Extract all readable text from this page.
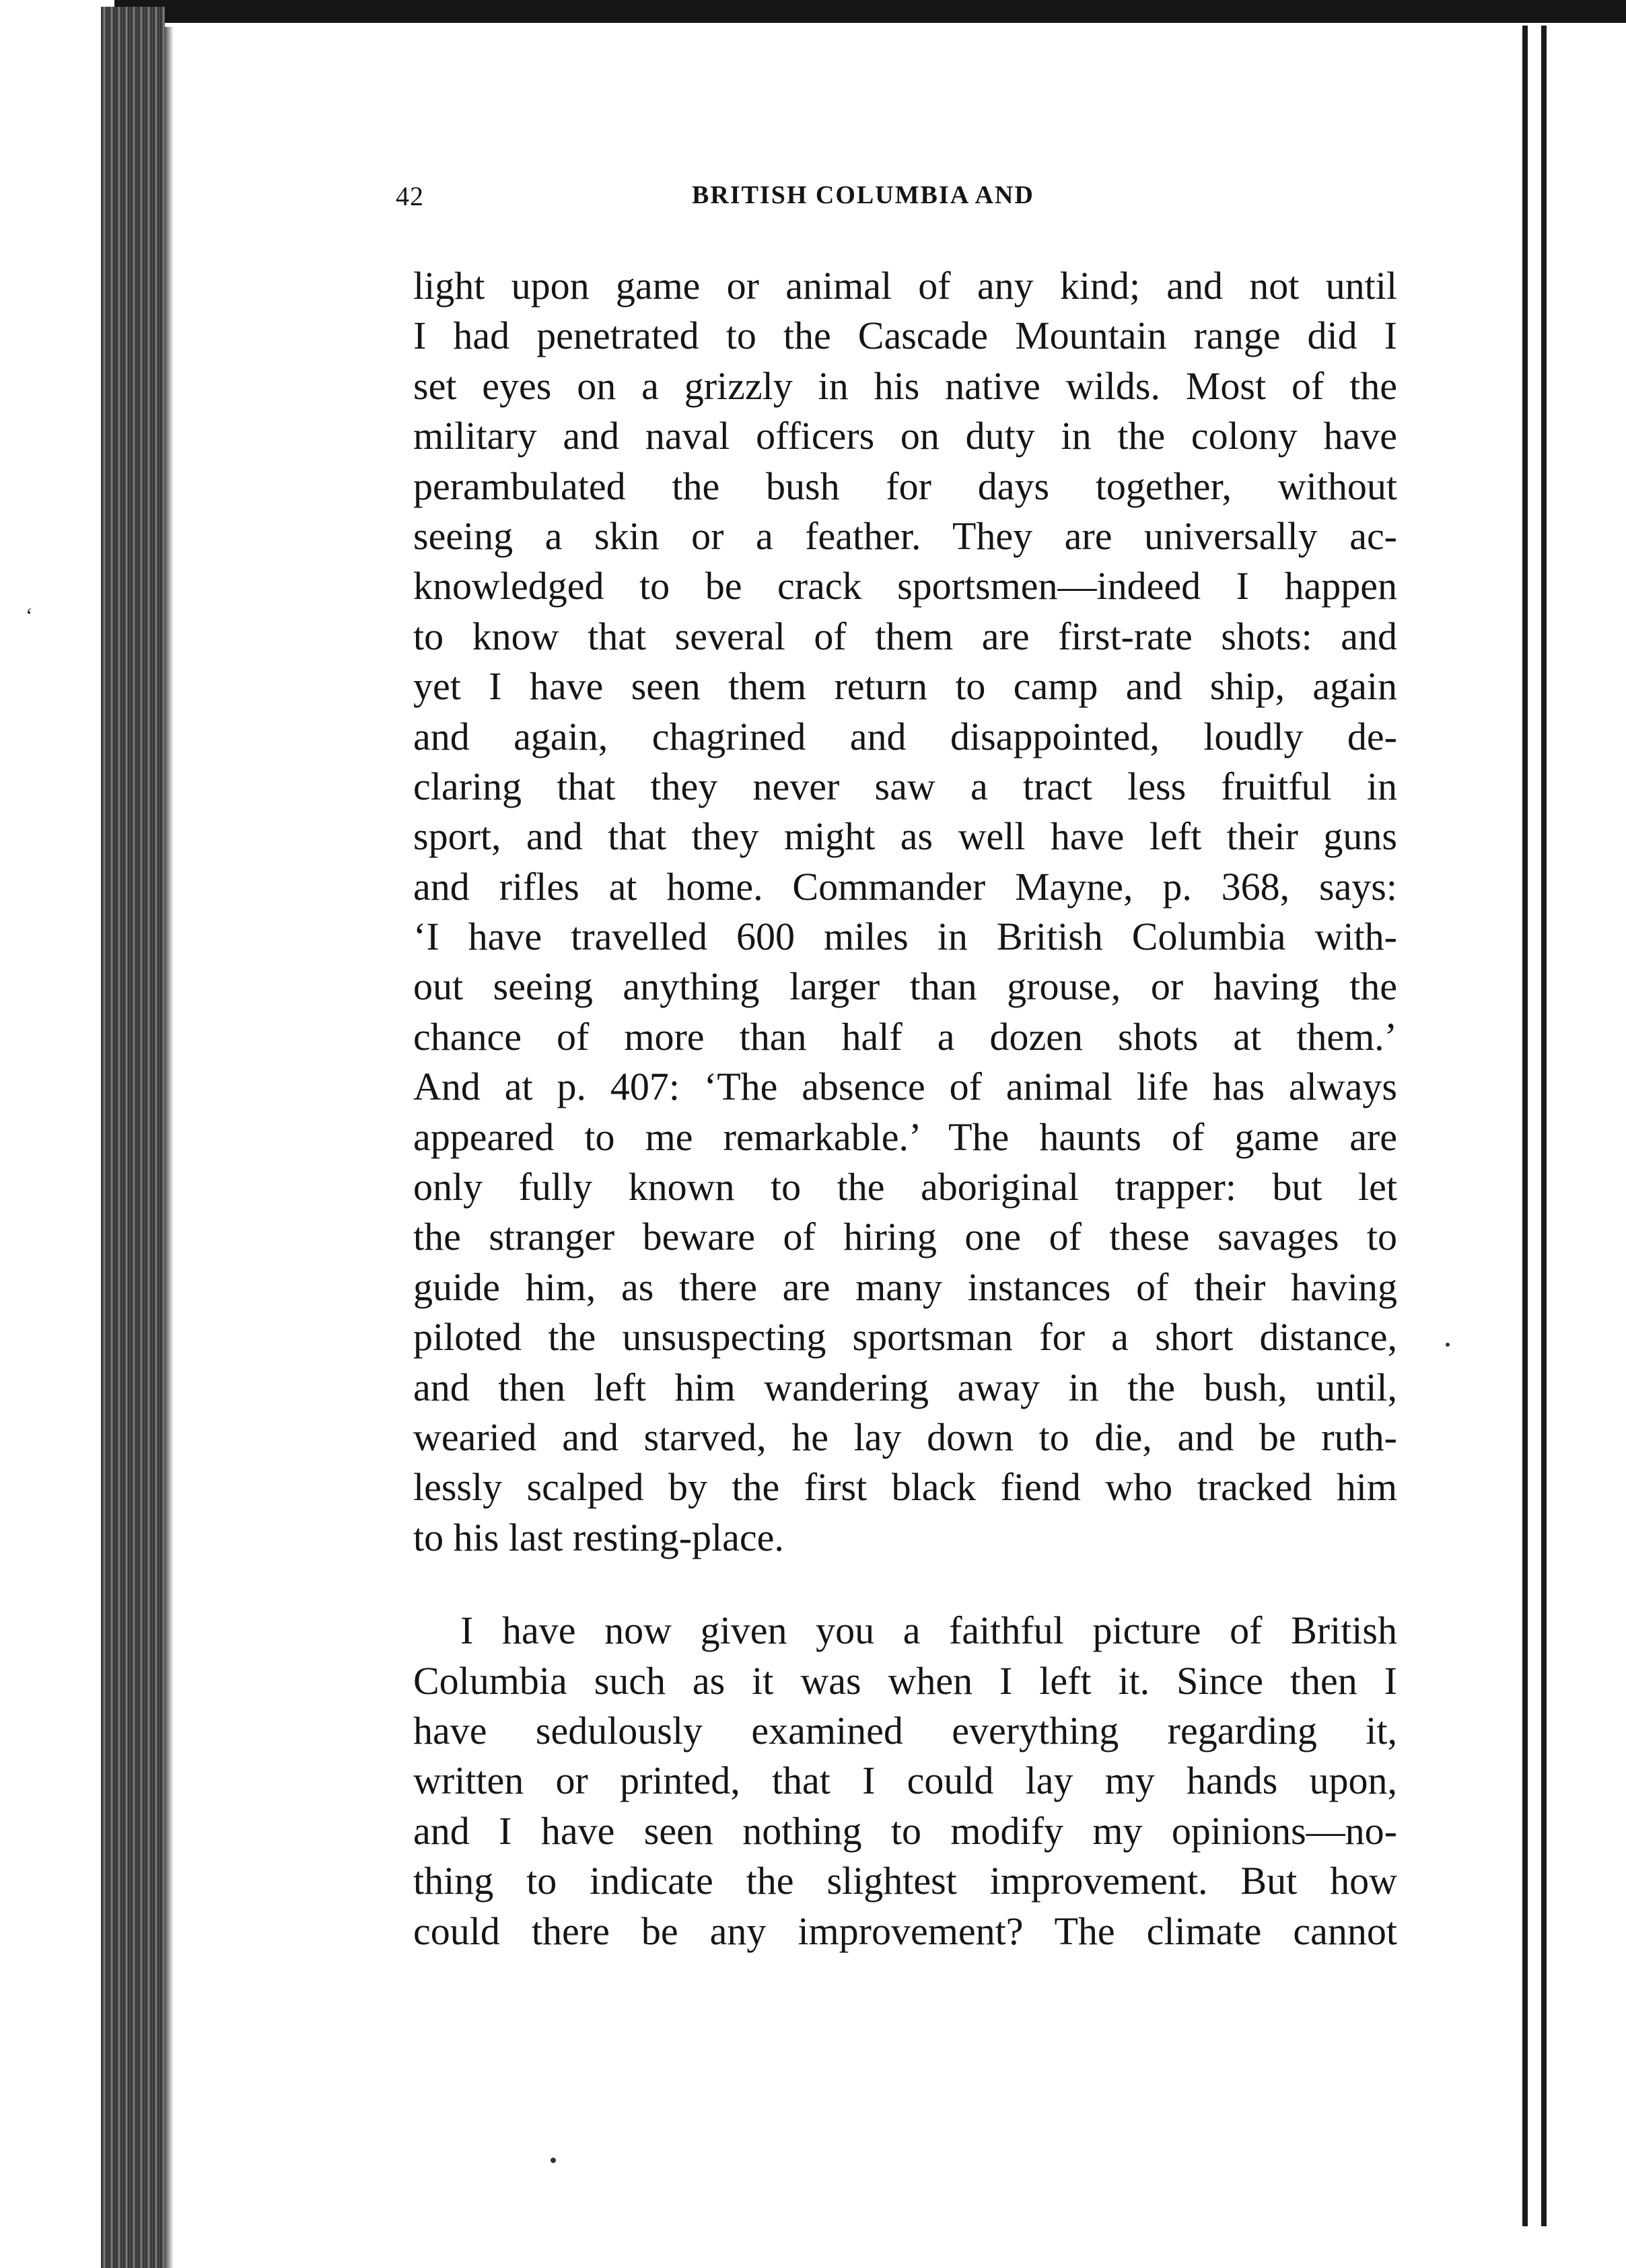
‘
42	BRITISH COLUMBIA AND
light upon game or animal of any kind; and not until
I had penetrated to the Cascade Mountain range did I
set eyes on a grizzly in his native wilds. Most of the
military and naval officers on duty in the colony have
perambulated the bush for days together, without
seeing a skin or a feather. They are universally ac-
knowledged to be crack sportsmen—indeed I happen
to know that several of them are first-rate shots: and
yet I have seen them return to camp and ship, again
and again, chagrined and disappointed, loudly de-
claring that they never saw a tract less fruitful in
sport, and that they might as well have left their guns
and rifles at home. Commander Mayne, p. 368, says:
‘I have travelled 600 miles in British Columbia with-
out seeing anything larger than grouse, or having the
chance of more than half a dozen shots at them.’
And at p. 407: ‘The absence of animal life has always
appeared to me remarkable.’ The haunts of game are
only fully known to the aboriginal trapper: but let
the stranger beware of hiring one of these savages to
guide him, as there are many instances of their having
piloted the unsuspecting sportsman for a short distance,
and then left him wandering away in the bush, until,
wearied and starved, he lay down to die, and be ruth-
lessly scalped by the first black fiend who tracked him
to his last resting-place.
I have now given you a faithful picture of British
Columbia such as it was when I left it. Since then I
have sedulously examined everything regarding it,
written or printed, that I could lay my hands upon,
and I have seen nothing to modify my opinions—no-
thing to indicate the slightest improvement. But how
could there be any improvement? The climate cannot
